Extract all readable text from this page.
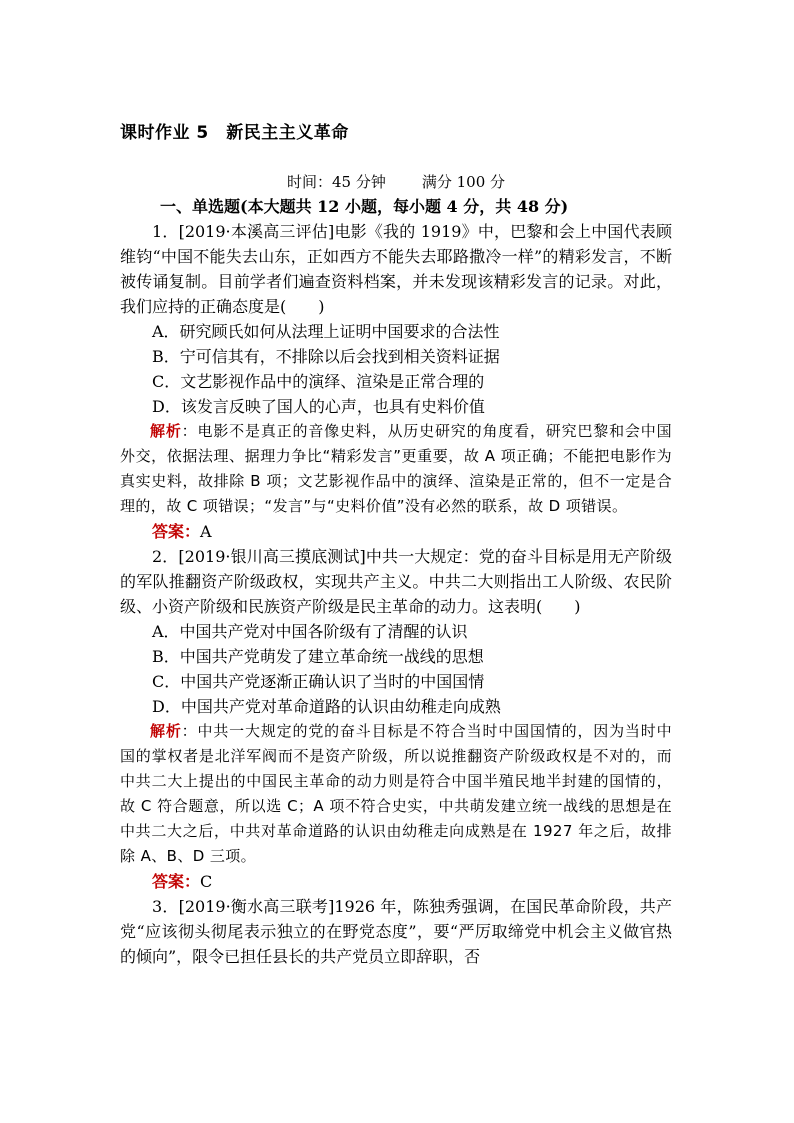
课时作业 5　新民主主义革命
时间：45 分钟 满分 100 分
一、单选题(本大题共 12 小题，每小题 4 分，共 48 分)

1．[2019·本溪高三评估]电影《我的 1919》中，巴黎和会上中国代表顾维钧“中国不能失去山东，正如西方不能失去耶路撒冷一样”的精彩发言，不断被传诵复制。目前学者们遍查资料档案，并未发现该精彩发言的记录。对此，我们应持的正确态度是(　　)

A．研究顾氏如何从法理上证明中国要求的合法性

B．宁可信其有，不排除以后会找到相关资料证据

C．文艺影视作品中的演绎、渲染是正常合理的

D．该发言反映了国人的心声，也具有史料价值

解析：电影不是真正的音像史料，从历史研究的角度看，研究巴黎和会中国外交，依据法理、据理力争比“精彩发言”更重要，故 A 项正确；不能把电影作为真实史料，故排除 B 项；文艺影视作品中的演绎、渲染是正常的，但不一定是合理的，故 C 项错误；“发言”与“史料价值”没有必然的联系，故 D 项错误。

答案：A

2．[2019·银川高三摸底测试]中共一大规定：党的奋斗目标是用无产阶级的军队推翻资产阶级政权，实现共产主义。中共二大则指出工人阶级、农民阶级、小资产阶级和民族资产阶级是民主革命的动力。这表明(　　)

A．中国共产党对中国各阶级有了清醒的认识

B．中国共产党萌发了建立革命统一战线的思想

C．中国共产党逐渐正确认识了当时的中国国情

D．中国共产党对革命道路的认识由幼稚走向成熟

解析：中共一大规定的党的奋斗目标是不符合当时中国国情的，因为当时中国的掌权者是北洋军阀而不是资产阶级，所以说推翻资产阶级政权是不对的，而中共二大上提出的中国民主革命的动力则是符合中国半殖民地半封建的国情的，故 C 符合题意，所以选 C；A 项不符合史实，中共萌发建立统一战线的思想是在中共二大之后，中共对革命道路的认识由幼稚走向成熟是在 1927 年之后，故排除 A、B、D 三项。

答案：C

3．[2019·衡水高三联考]1926 年，陈独秀强调，在国民革命阶段，共产党“应该彻头彻尾表示独立的在野党态度”，要“严厉取缔党中机会主义做官热的倾向”，限令已担任县长的共产党员立即辞职，否
